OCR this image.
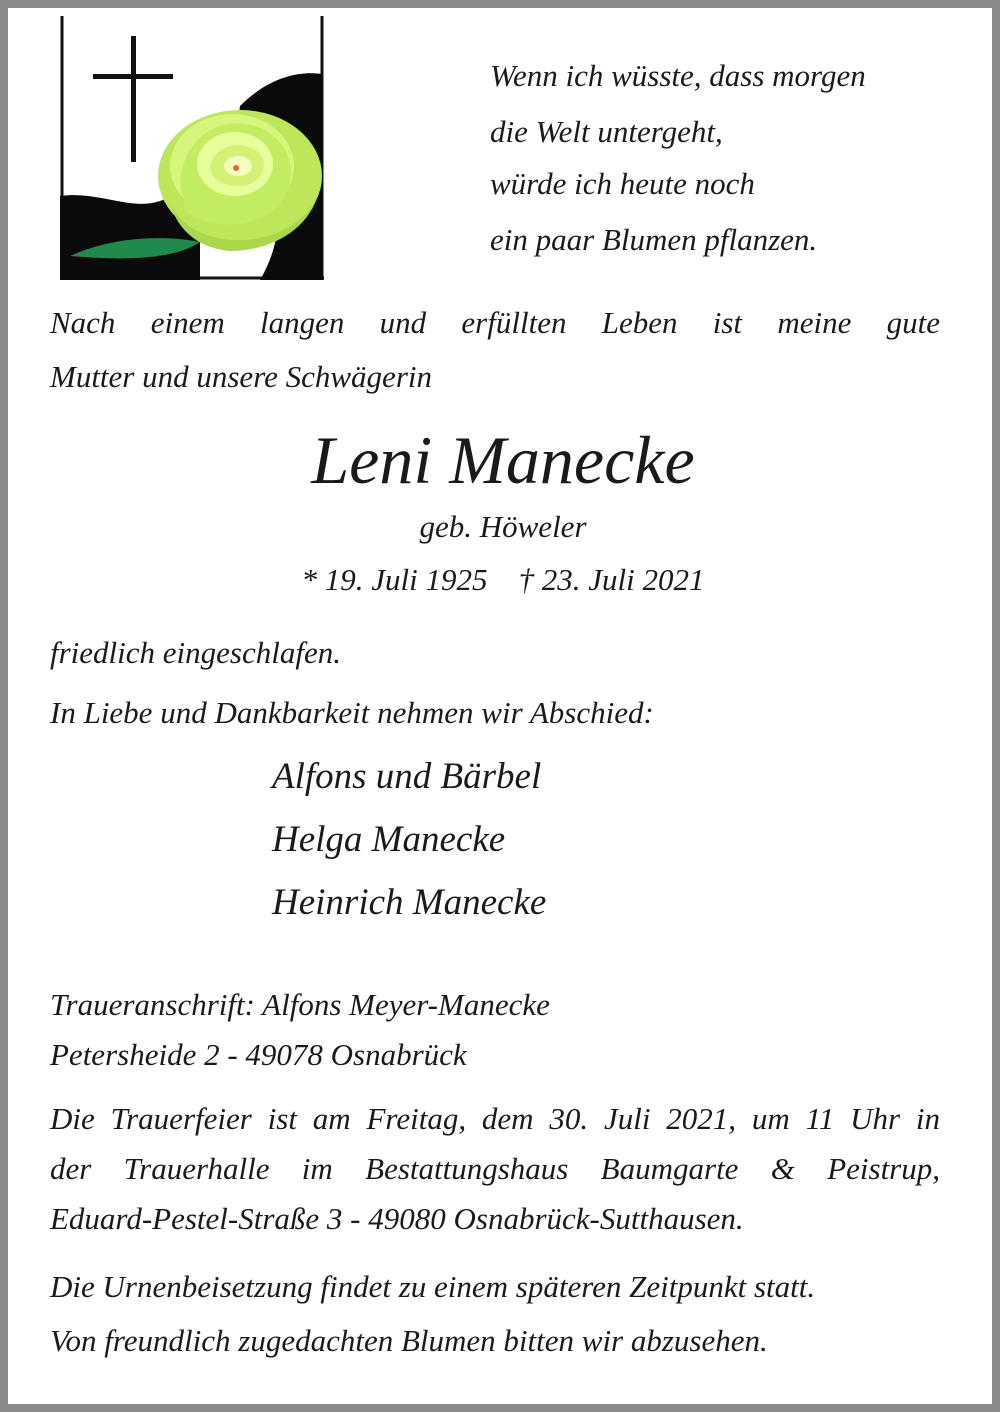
Wenn ich wüsste, dass morgen

die Welt untergeht,

würde ich heute noch

ein paar Blumen pflanzen.

Nach einem langen und erfüllten Leben ist meine gute

Mutter und unsere Schwägerin

Leni Manecke

geb. Höweler

* 19. Juli 1925    † 23. Juli 2021

friedlich eingeschlafen.

In Liebe und Dankbarkeit nehmen wir Abschied:

Alfons und Bärbel

Helga Manecke

Heinrich Manecke

Traueranschrift: Alfons Meyer-Manecke

Petersheide 2 - 49078 Osnabrück

Die Trauerfeier ist am Freitag, dem 30. Juli 2021, um 11 Uhr in

der Trauerhalle im Bestattungshaus Baumgarte & Peistrup,

Eduard-Pestel-Straße 3 - 49080 Osnabrück-Sutthausen.

Die Urnenbeisetzung findet zu einem späteren Zeitpunkt statt.

Von freundlich zugedachten Blumen bitten wir abzusehen.
